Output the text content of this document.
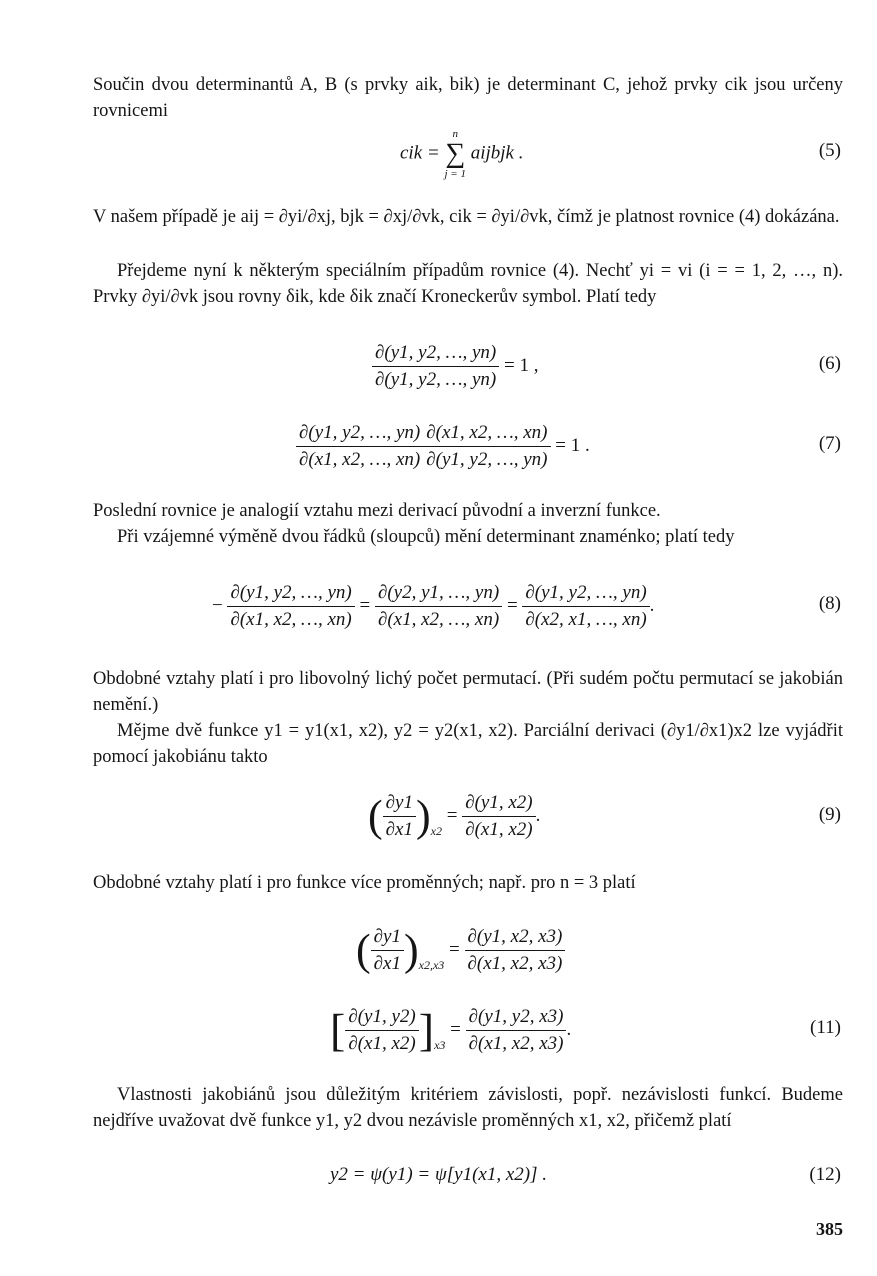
Součin dvou determinantů A, B (s prvky aik, bik) je determinant C, jehož prvky cik jsou určeny rovnicemi

cik =
n
∑
j = 1
aijbjk .	(5)

V našem případě je aij = ∂yi/∂xj, bjk = ∂xj/∂vk, cik = ∂yi/∂vk, čímž je platnost rovnice (4) dokázána.

Přejdeme nyní k některým speciálním případům rovnice (4). Nechť yi = vi (i = = 1, 2, …, n). Prvky ∂yi/∂vk jsou rovny δik, kde δik značí Kroneckerův symbol. Platí tedy

$\frac{\partial(y1, y2, \dots, yn)}{\partial(y1, y2, \dots, yn)} = 1$ ,	(6)
$\frac{\partial(y1, y2, \dots, yn)}{\partial(x1, x2, \dots, xn)} \frac{\partial(x1, x2, \dots, xn)}{\partial(y1, y2, \dots, yn)} = 1$ .	(7)

Poslední rovnice je analogií vztahu mezi derivací původní a inverzní funkce.

Při vzájemné výměně dvou řádků (sloupců) mění determinant znaménko; platí tedy

− $\frac{\partial(y1, y2, \dots, yn)}{\partial(x1, x2, \dots, xn)} = \frac{\partial(y2, y1, \dots, yn)}{\partial(x1, x2, \dots, xn)} = \frac{\partial(y1, y2, \dots, yn)}{\partial(x2, x1, \dots, xn)}$ .	(8)

Obdobné vztahy platí i pro libovolný lichý počet permutací. (Při sudém počtu permutací se jakobián nemění.)

Mějme dvě funkce y1 = y1(x1, x2), y2 = y2(x1, x2). Parciální derivaci (∂y1/∂x1)x2 lze vyjádřit pomocí jakobiánu takto

( $\frac{\partial y1}{\partial x1} )_{x2} = \frac{\partial(y1, x2)}{\partial(x1, x2)}$ .	(9)

Obdobné vztahy platí i pro funkce více proměnných; např. pro n = 3 platí

( $\frac{\partial y1}{\partial x1} )_{x2,x3} = \frac{\partial(y1, x2, x3)}{\partial(x1, x2, x3)}$
[ $\frac{\partial(y1, y2)}{\partial(x1, x2)} ]_{x3} = \frac{\partial(y1, y2, x3)}{\partial(x1, x2, x3)}$ .	(11)

Vlastnosti jakobiánů jsou důležitým kritériem závislosti, popř. nezávislosti funkcí. Budeme nejdříve uvažovat dvě funkce y1, y2 dvou nezávisle proměnných x1, x2, přičemž platí

y2 = ψ(y1) = ψ[y1(x1, x2)] .	(12)
385
